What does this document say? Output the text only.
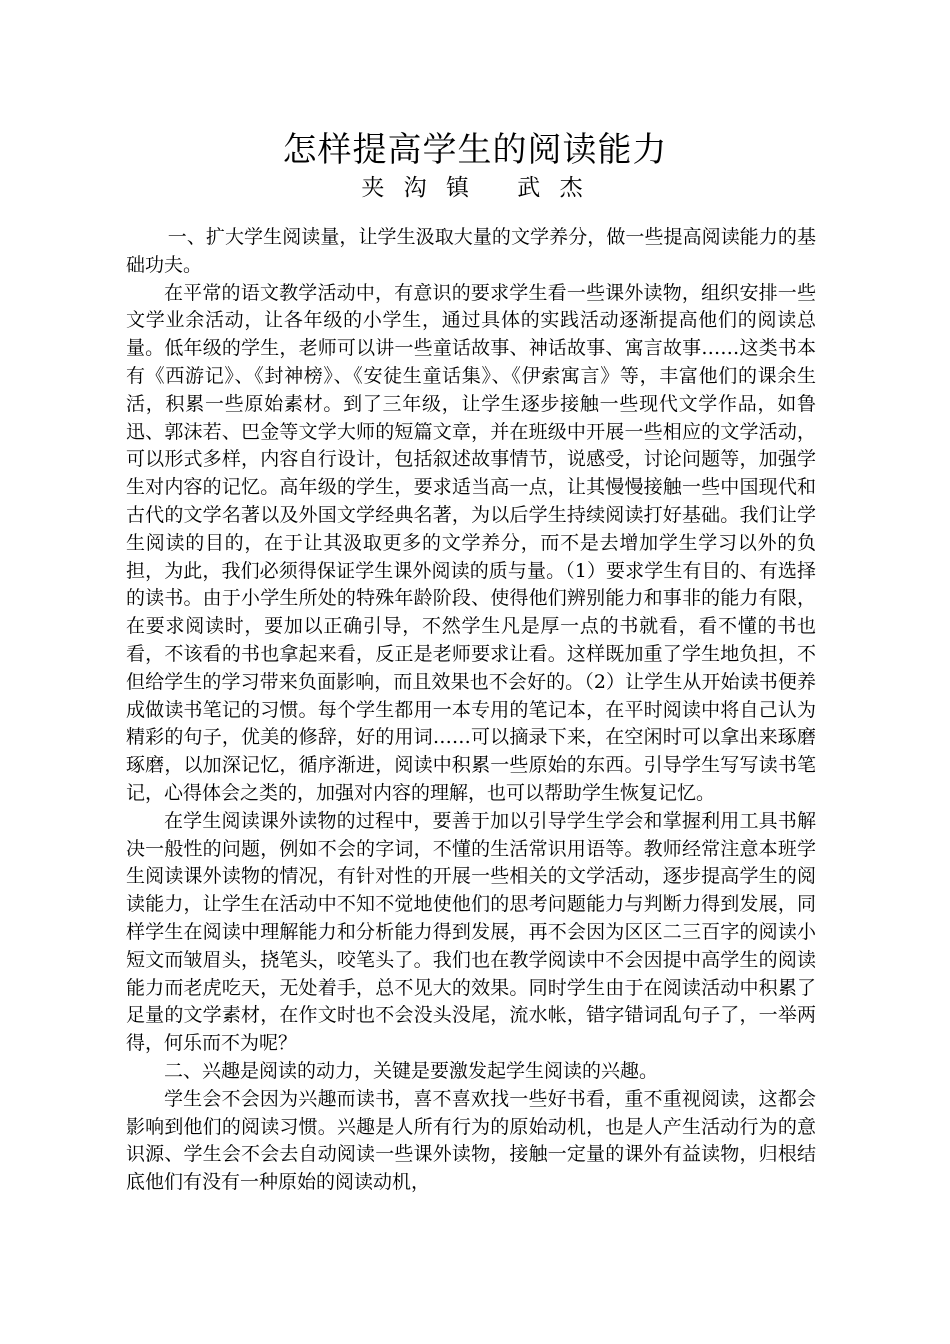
怎样提高学生的阅读能力
夹 沟 镇　 武 杰

一、扩大学生阅读量，让学生汲取大量的文学养分，做一些提高阅读能力的基础功夫。

在平常的语文教学活动中，有意识的要求学生看一些课外读物，组织安排一些文学业余活动，让各年级的小学生，通过具体的实践活动逐渐提高他们的阅读总量。低年级的学生，老师可以讲一些童话故事、神话故事、寓言故事……这类书本有《西游记》、《封神榜》、《安徒生童话集》、《伊索寓言》等，丰富他们的课余生活，积累一些原始素材。到了三年级，让学生逐步接触一些现代文学作品，如鲁迅、郭沫若、巴金等文学大师的短篇文章，并在班级中开展一些相应的文学活动，可以形式多样，内容自行设计，包括叙述故事情节，说感受，讨论问题等，加强学生对内容的记忆。高年级的学生，要求适当高一点，让其慢慢接触一些中国现代和古代的文学名著以及外国文学经典名著，为以后学生持续阅读打好基础。我们让学生阅读的目的，在于让其汲取更多的文学养分，而不是去增加学生学习以外的负担，为此，我们必须得保证学生课外阅读的质与量。（1）要求学生有目的、有选择的读书。由于小学生所处的特殊年龄阶段、使得他们辨别能力和事非的能力有限，在要求阅读时，要加以正确引导，不然学生凡是厚一点的书就看，看不懂的书也看，不该看的书也拿起来看，反正是老师要求让看。这样既加重了学生地负担，不但给学生的学习带来负面影响，而且效果也不会好的。（2）让学生从开始读书便养成做读书笔记的习惯。每个学生都用一本专用的笔记本，在平时阅读中将自己认为精彩的句子，优美的修辞，好的用词……可以摘录下来，在空闲时可以拿出来琢磨琢磨，以加深记忆，循序渐进，阅读中积累一些原始的东西。引导学生写写读书笔记，心得体会之类的，加强对内容的理解，也可以帮助学生恢复记忆。

在学生阅读课外读物的过程中，要善于加以引导学生学会和掌握利用工具书解决一般性的问题，例如不会的字词，不懂的生活常识用语等。教师经常注意本班学生阅读课外读物的情况，有针对性的开展一些相关的文学活动，逐步提高学生的阅读能力，让学生在活动中不知不觉地使他们的思考问题能力与判断力得到发展，同样学生在阅读中理解能力和分析能力得到发展，再不会因为区区二三百字的阅读小短文而皱眉头，挠笔头，咬笔头了。我们也在教学阅读中不会因提中高学生的阅读能力而老虎吃天，无处着手，总不见大的效果。同时学生由于在阅读活动中积累了足量的文学素材，在作文时也不会没头没尾，流水帐，错字错词乱句子了，一举两得，何乐而不为呢？

二、兴趣是阅读的动力，关键是要激发起学生阅读的兴趣。

学生会不会因为兴趣而读书，喜不喜欢找一些好书看，重不重视阅读，这都会影响到他们的阅读习惯。兴趣是人所有行为的原始动机，也是人产生活动行为的意识源、学生会不会去自动阅读一些课外读物，接触一定量的课外有益读物，归根结底他们有没有一种原始的阅读动机，
